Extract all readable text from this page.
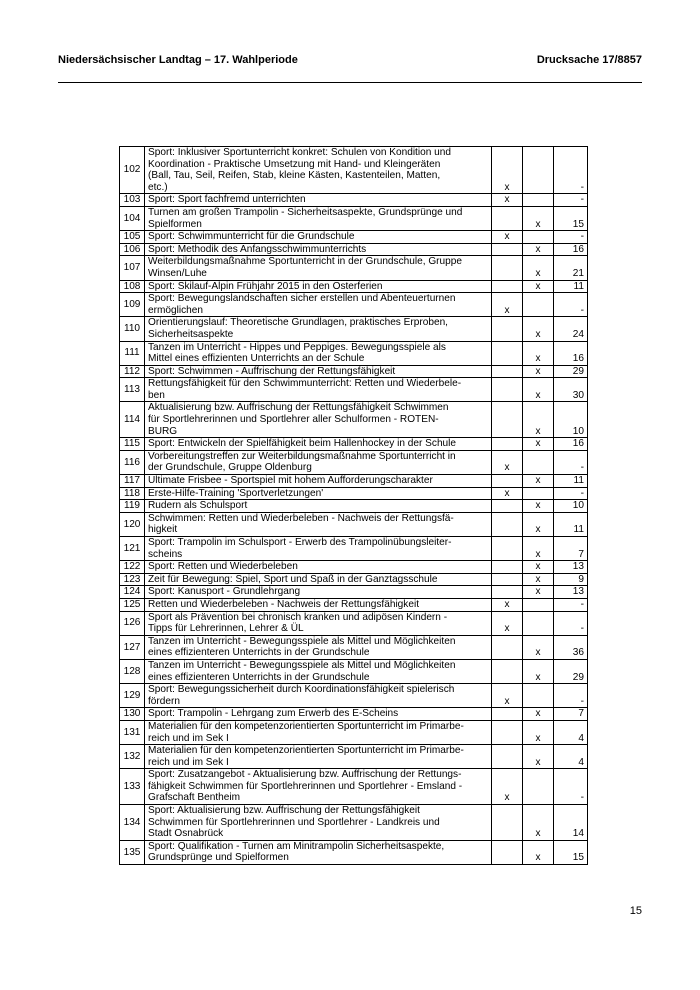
Niedersächsischer Landtag – 17. Wahlperiode	Drucksache 17/8857
102	Sport: Inklusiver Sportunterricht konkret: Schulen von Kondition und
Koordination - Praktische Umsetzung mit Hand- und Kleingeräten
(Ball, Tau, Seil, Reifen, Stab, kleine Kästen, Kastenteilen, Matten,
etc.)	x		-
103	Sport: Sport fachfremd unterrichten	x		-
104	Turnen am großen Trampolin - Sicherheitsaspekte, Grundsprünge und
Spielformen		x	15
105	Sport: Schwimmunterricht für die Grundschule	x		-
106	Sport: Methodik des Anfangsschwimmunterrichts		x	16
107	Weiterbildungsmaßnahme Sportunterricht in der Grundschule, Gruppe
Winsen/Luhe		x	21
108	Sport: Skilauf-Alpin Frühjahr 2015 in den Osterferien		x	11
109	Sport: Bewegungslandschaften sicher erstellen und Abenteuerturnen
ermöglichen	x		-
110	Orientierungslauf: Theoretische Grundlagen, praktisches Erproben,
Sicherheitsaspekte		x	24
111	Tanzen im Unterricht - Hippes und Peppiges. Bewegungsspiele als
Mittel eines effizienten Unterrichts an der Schule		x	16
112	Sport: Schwimmen - Auffrischung der Rettungsfähigkeit		x	29
113	Rettungsfähigkeit für den Schwimmunterricht: Retten und Wiederbele-
ben		x	30
114	Aktualisierung bzw. Auffrischung der Rettungsfähigkeit Schwimmen
für Sportlehrerinnen und Sportlehrer aller Schulformen - ROTEN-
BURG		x	10
115	Sport: Entwickeln der Spielfähigkeit beim Hallenhockey in der Schule		x	16
116	Vorbereitungstreffen zur Weiterbildungsmaßnahme Sportunterricht in
der Grundschule, Gruppe Oldenburg	x		-
117	Ultimate Frisbee - Sportspiel mit hohem Aufforderungscharakter		x	11
118	Erste-Hilfe-Training 'Sportverletzungen'	x		-
119	Rudern als Schulsport		x	10
120	Schwimmen: Retten und Wiederbeleben - Nachweis der Rettungsfä-
higkeit		x	11
121	Sport: Trampolin im Schulsport - Erwerb des Trampolinübungsleiter-
scheins		x	7
122	Sport: Retten und Wiederbeleben		x	13
123	Zeit für Bewegung: Spiel, Sport und Spaß in der Ganztagsschule		x	9
124	Sport: Kanusport - Grundlehrgang		x	13
125	Retten und Wiederbeleben - Nachweis der Rettungsfähigkeit	x		-
126	Sport als Prävention bei chronisch kranken und adipösen Kindern -
Tipps für Lehrerinnen, Lehrer & ÜL	x		-
127	Tanzen im Unterricht - Bewegungsspiele als Mittel und Möglichkeiten
eines effizienteren Unterrichts in der Grundschule		x	36
128	Tanzen im Unterricht - Bewegungsspiele als Mittel und Möglichkeiten
eines effizienteren Unterrichts in der Grundschule		x	29
129	Sport: Bewegungssicherheit durch Koordinationsfähigkeit spielerisch
fördern	x		-
130	Sport: Trampolin - Lehrgang zum Erwerb des E-Scheins		x	7
131	Materialien für den kompetenzorientierten Sportunterricht im Primarbe-
reich und im Sek I		x	4
132	Materialien für den kompetenzorientierten Sportunterricht im Primarbe-
reich und im Sek I		x	4
133	Sport: Zusatzangebot - Aktualisierung bzw. Auffrischung der Rettungs-
fähigkeit Schwimmen für Sportlehrerinnen und Sportlehrer - Emsland -
Grafschaft Bentheim	x		-
134	Sport: Aktualisierung bzw. Auffrischung der Rettungsfähigkeit
Schwimmen für Sportlehrerinnen und Sportlehrer - Landkreis und
Stadt Osnabrück		x	14
135	Sport: Qualifikation - Turnen am Minitrampolin Sicherheitsaspekte,
Grundsprünge und Spielformen		x	15
15
